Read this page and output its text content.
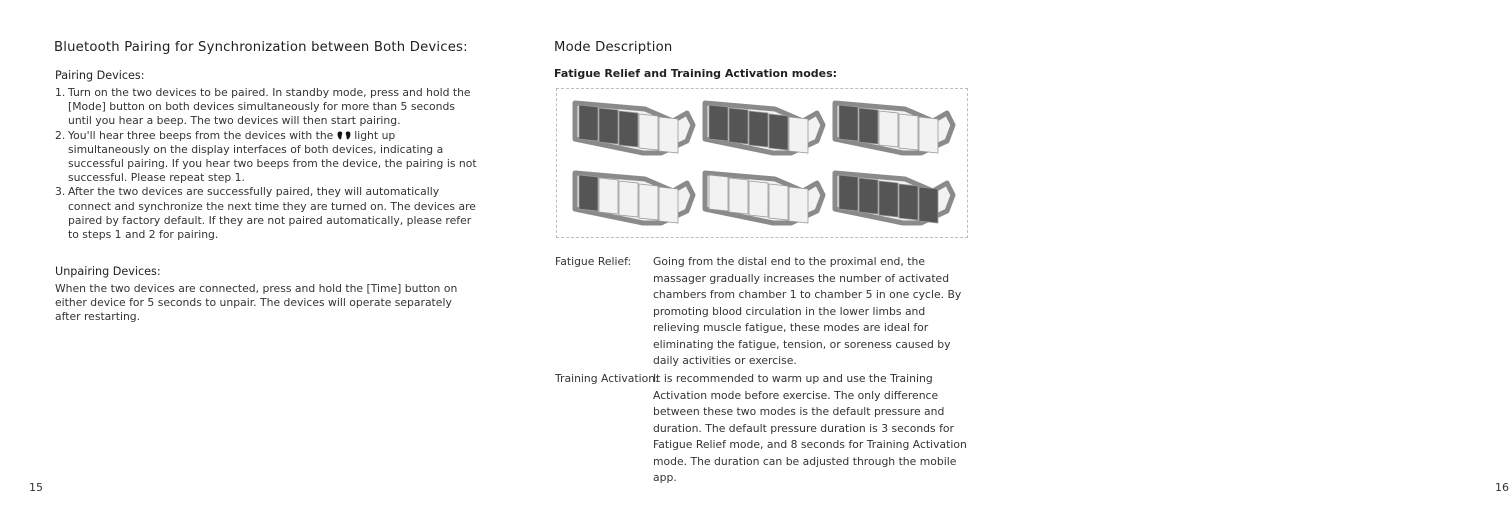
Bluetooth Pairing for Synchronization between Both Devices:
Pairing Devices:
1. Turn on the two devices to be paired. In standby mode, press and hold the [Mode] button on both devices simultaneously for more than 5 seconds until you hear a beep. The two devices will then start pairing.
2. You'll hear three beeps from the devices with the light up simultaneously on the display interfaces of both devices, indicating a successful pairing. If you hear two beeps from the device, the pairing is not successful. Please repeat step 1.
3. After the two devices are successfully paired, they will automatically connect and synchronize the next time they are turned on. The devices are paired by factory default. If they are not paired automatically, please refer to steps 1 and 2 for pairing.
Unpairing Devices:
When the two devices are connected, press and hold the [Time] button on either device for 5 seconds to unpair. The devices will operate separately after restarting.
15
Mode Description
Fatigue Relief and Training Activation modes:
Fatigue Relief: Going from the distal end to the proximal end, the massager gradually increases the number of activated chambers from chamber 1 to chamber 5 in one cycle. By promoting blood circulation in the lower limbs and relieving muscle fatigue, these modes are ideal for eliminating the fatigue, tension, or soreness caused by daily activities or exercise.
Training Activation:
It is recommended to warm up and use the Training Activation mode before exercise. The only difference between these two modes is the default pressure and duration. The default pressure duration is 3 seconds for Fatigue Relief mode, and 8 seconds for Training Activation mode. The duration can be adjusted through the mobile app.
16
